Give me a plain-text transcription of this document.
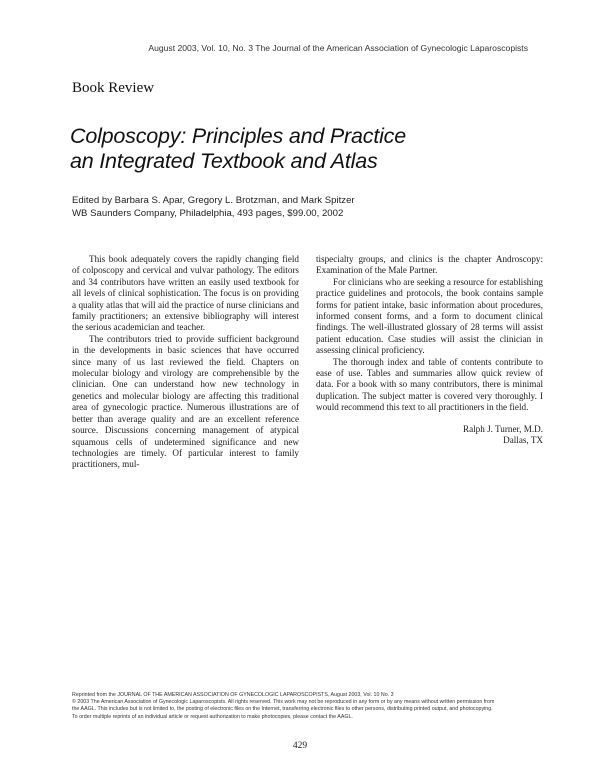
August 2003, Vol. 10, No. 3 The Journal of the American Association of Gynecologic Laparoscopists
Book Review
Colposcopy: Principles and Practice
an Integrated Textbook and Atlas
Edited by Barbara S. Apar, Gregory L. Brotzman, and Mark Spitzer
WB Saunders Company, Philadelphia, 493 pages, $99.00, 2002

This book adequately covers the rapidly changing field of colposcopy and cervical and vulvar pathology. The editors and 34 contributors have written an easily used textbook for all levels of clinical sophistication. The focus is on providing a quality atlas that will aid the practice of nurse clinicians and family practitioners; an extensive bibliography will interest the serious academician and teacher.

The contributors tried to provide sufficient background in the developments in basic sciences that have occurred since many of us last reviewed the field. Chapters on molecular biology and virology are comprehensible by the clinician. One can understand how new technology in genetics and molecular biology are affecting this traditional area of gynecologic practice. Numerous illustrations are of better than average quality and are an excellent reference source. Discussions concerning management of atypical squamous cells of undetermined significance and new technologies are timely. Of particular interest to family practitioners, mul-

tispecialty groups, and clinics is the chapter Androscopy: Examination of the Male Partner.

For clinicians who are seeking a resource for establishing practice guidelines and protocols, the book contains sample forms for patient intake, basic information about procedures, informed consent forms, and a form to document clinical findings. The well-illustrated glossary of 28 terms will assist patient education. Case studies will assist the clinician in assessing clinical proficiency.

The thorough index and table of contents contribute to ease of use. Tables and summaries allow quick review of data. For a book with so many contributors, there is minimal duplication. The subject matter is covered very thoroughly. I would recommend this text to all practitioners in the field.

Ralph J. Turner, M.D.
Dallas, TX
Reprinted from the JOURNAL OF THE AMERICAN ASSOCIATION OF GYNECOLOGIC LAPAROSCOPISTS, August 2003, Vol. 10 No. 3
© 2003 The American Association of Gynecologic Laparoscopists. All rights reserved. This work may not be reproduced in any form or by any means without written permission from
the AAGL. This includes but is not limited to, the posting of electronic files on the Internet, transferring electronic files to other persons, distributing printed output, and photocopying.
To order multiple reprints of an individual article or request authorization to make photocopies, please contact the AAGL.
429
